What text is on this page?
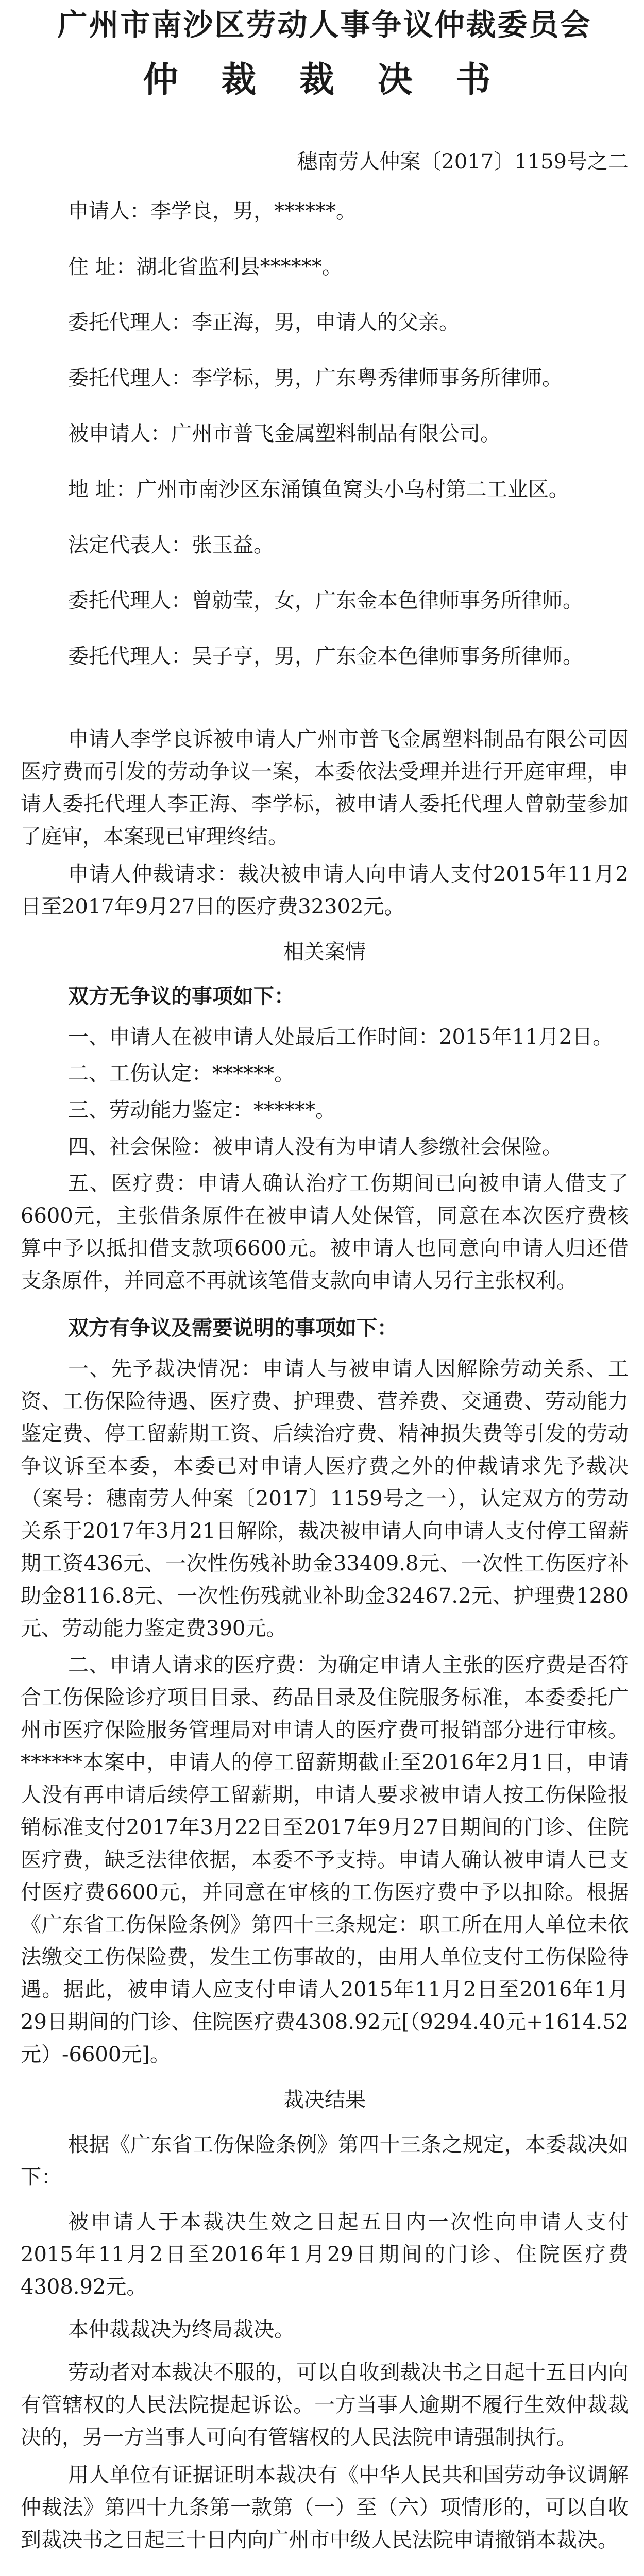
广州市南沙区劳动人事争议仲裁委员会
仲 裁 裁 决 书
穗南劳人仲案〔2017〕1159号之二
申请人：李学良，男，******。
住 址：湖北省监利县******。
委托代理人：李正海，男，申请人的父亲。
委托代理人：李学标，男，广东粤秀律师事务所律师。
被申请人：广州市普飞金属塑料制品有限公司。
地 址：广州市南沙区东涌镇鱼窝头小乌村第二工业区。
法定代表人：张玉益。
委托代理人：曾勍莹，女，广东金本色律师事务所律师。
委托代理人：吴子亨，男，广东金本色律师事务所律师。

申请人李学良诉被申请人广州市普飞金属塑料制品有限公司因医疗费而引发的劳动争议一案，本委依法受理并进行开庭审理，申请人委托代理人李正海、李学标，被申请人委托代理人曾勍莹参加了庭审，本案现已审理终结。

申请人仲裁请求：裁决被申请人向申请人支付2015年11月2日至2017年9月27日的医疗费32302元。

相关案情
双方无争议的事项如下：

一、申请人在被申请人处最后工作时间：2015年11月2日。

二、工伤认定：******。

三、劳动能力鉴定：******。

四、社会保险：被申请人没有为申请人参缴社会保险。

五、医疗费：申请人确认治疗工伤期间已向被申请人借支了6600元，主张借条原件在被申请人处保管，同意在本次医疗费核算中予以抵扣借支款项6600元。被申请人也同意向申请人归还借支条原件，并同意不再就该笔借支款向申请人另行主张权利。

双方有争议及需要说明的事项如下：

一、先予裁决情况：申请人与被申请人因解除劳动关系、工资、工伤保险待遇、医疗费、护理费、营养费、交通费、劳动能力鉴定费、停工留薪期工资、后续治疗费、精神损失费等引发的劳动争议诉至本委，本委已对申请人医疗费之外的仲裁请求先予裁决（案号：穗南劳人仲案〔2017〕1159号之一），认定双方的劳动关系于2017年3月21日解除，裁决被申请人向申请人支付停工留薪期工资436元、一次性伤残补助金33409.8元、一次性工伤医疗补助金8116.8元、一次性伤残就业补助金32467.2元、护理费1280元、劳动能力鉴定费390元。

二、申请人请求的医疗费：为确定申请人主张的医疗费是否符合工伤保险诊疗项目目录、药品目录及住院服务标准，本委委托广州市医疗保险服务管理局对申请人的医疗费可报销部分进行审核。******本案中，申请人的停工留薪期截止至2016年2月1日，申请人没有再申请后续停工留薪期，申请人要求被申请人按工伤保险报销标准支付2017年3月22日至2017年9月27日期间的门诊、住院医疗费，缺乏法律依据，本委不予支持。申请人确认被申请人已支付医疗费6600元，并同意在审核的工伤医疗费中予以扣除。根据《广东省工伤保险条例》第四十三条规定：职工所在用人单位未依法缴交工伤保险费，发生工伤事故的，由用人单位支付工伤保险待遇。据此，被申请人应支付申请人2015年11月2日至2016年1月29日期间的门诊、住院医疗费4308.92元[（9294.40元+1614.52元）-6600元]。

裁决结果

根据《广东省工伤保险条例》第四十三条之规定，本委裁决如下：

被申请人于本裁决生效之日起五日内一次性向申请人支付2015年11月2日至2016年1月29日期间的门诊、住院医疗费4308.92元。

本仲裁裁决为终局裁决。

劳动者对本裁决不服的，可以自收到裁决书之日起十五日内向有管辖权的人民法院提起诉讼。一方当事人逾期不履行生效仲裁裁决的，另一方当事人可向有管辖权的人民法院申请强制执行。

用人单位有证据证明本裁决有《中华人民共和国劳动争议调解仲裁法》第四十九条第一款第（一）至（六）项情形的，可以自收到裁决书之日起三十日内向广州市中级人民法院申请撤销本裁决。
